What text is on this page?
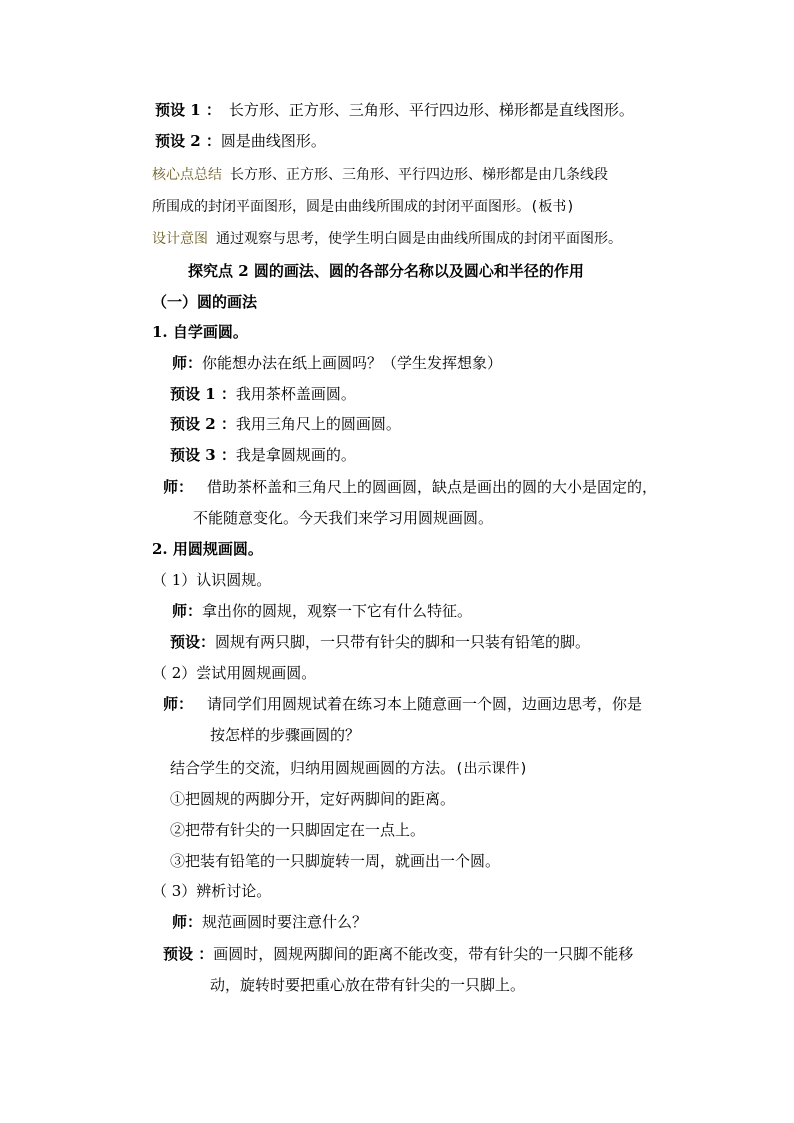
预设 1 ： 长方形、正方形、三角形、平行四边形、梯形都是直线图形。
预设 2 ：圆是曲线图形。
核心点总结 长方形、正方形、三角形、平行四边形、梯形都是由几条线段
所围成的封闭平面图形，圆是由曲线所围成的封闭平面图形。(板书)
设计意图 通过观察与思考，使学生明白圆是由曲线所围成的封闭平面图形。
探究点 2 圆的画法、圆的各部分名称以及圆心和半径的作用
（一）圆的画法
1. 自学画圆。
师：你能想办法在纸上画圆吗？（学生发挥想象）
预设 1 ：我用茶杯盖画圆。
预设 2 ：我用三角尺上的圆画圆。
预设 3 ：我是拿圆规画的。
师： 借助茶杯盖和三角尺上的圆画圆，缺点是画出的圆的大小是固定的，
不能随意变化。今天我们来学习用圆规画圆。
2. 用圆规画圆。
（ 1）认识圆规。
师：拿出你的圆规，观察一下它有什么特征。
预设：圆规有两只脚，一只带有针尖的脚和一只装有铅笔的脚。
（ 2）尝试用圆规画圆。
师： 请同学们用圆规试着在练习本上随意画一个圆，边画边思考，你是
按怎样的步骤画圆的？
结合学生的交流，归纳用圆规画圆的方法。(出示课件)
①把圆规的两脚分开，定好两脚间的距离。
②把带有针尖的一只脚固定在一点上。
③把装有铅笔的一只脚旋转一周，就画出一个圆。
（ 3）辨析讨论。
师：规范画圆时要注意什么？
预设 ：画圆时，圆规两脚间的距离不能改变，带有针尖的一只脚不能移
动，旋转时要把重心放在带有针尖的一只脚上。
